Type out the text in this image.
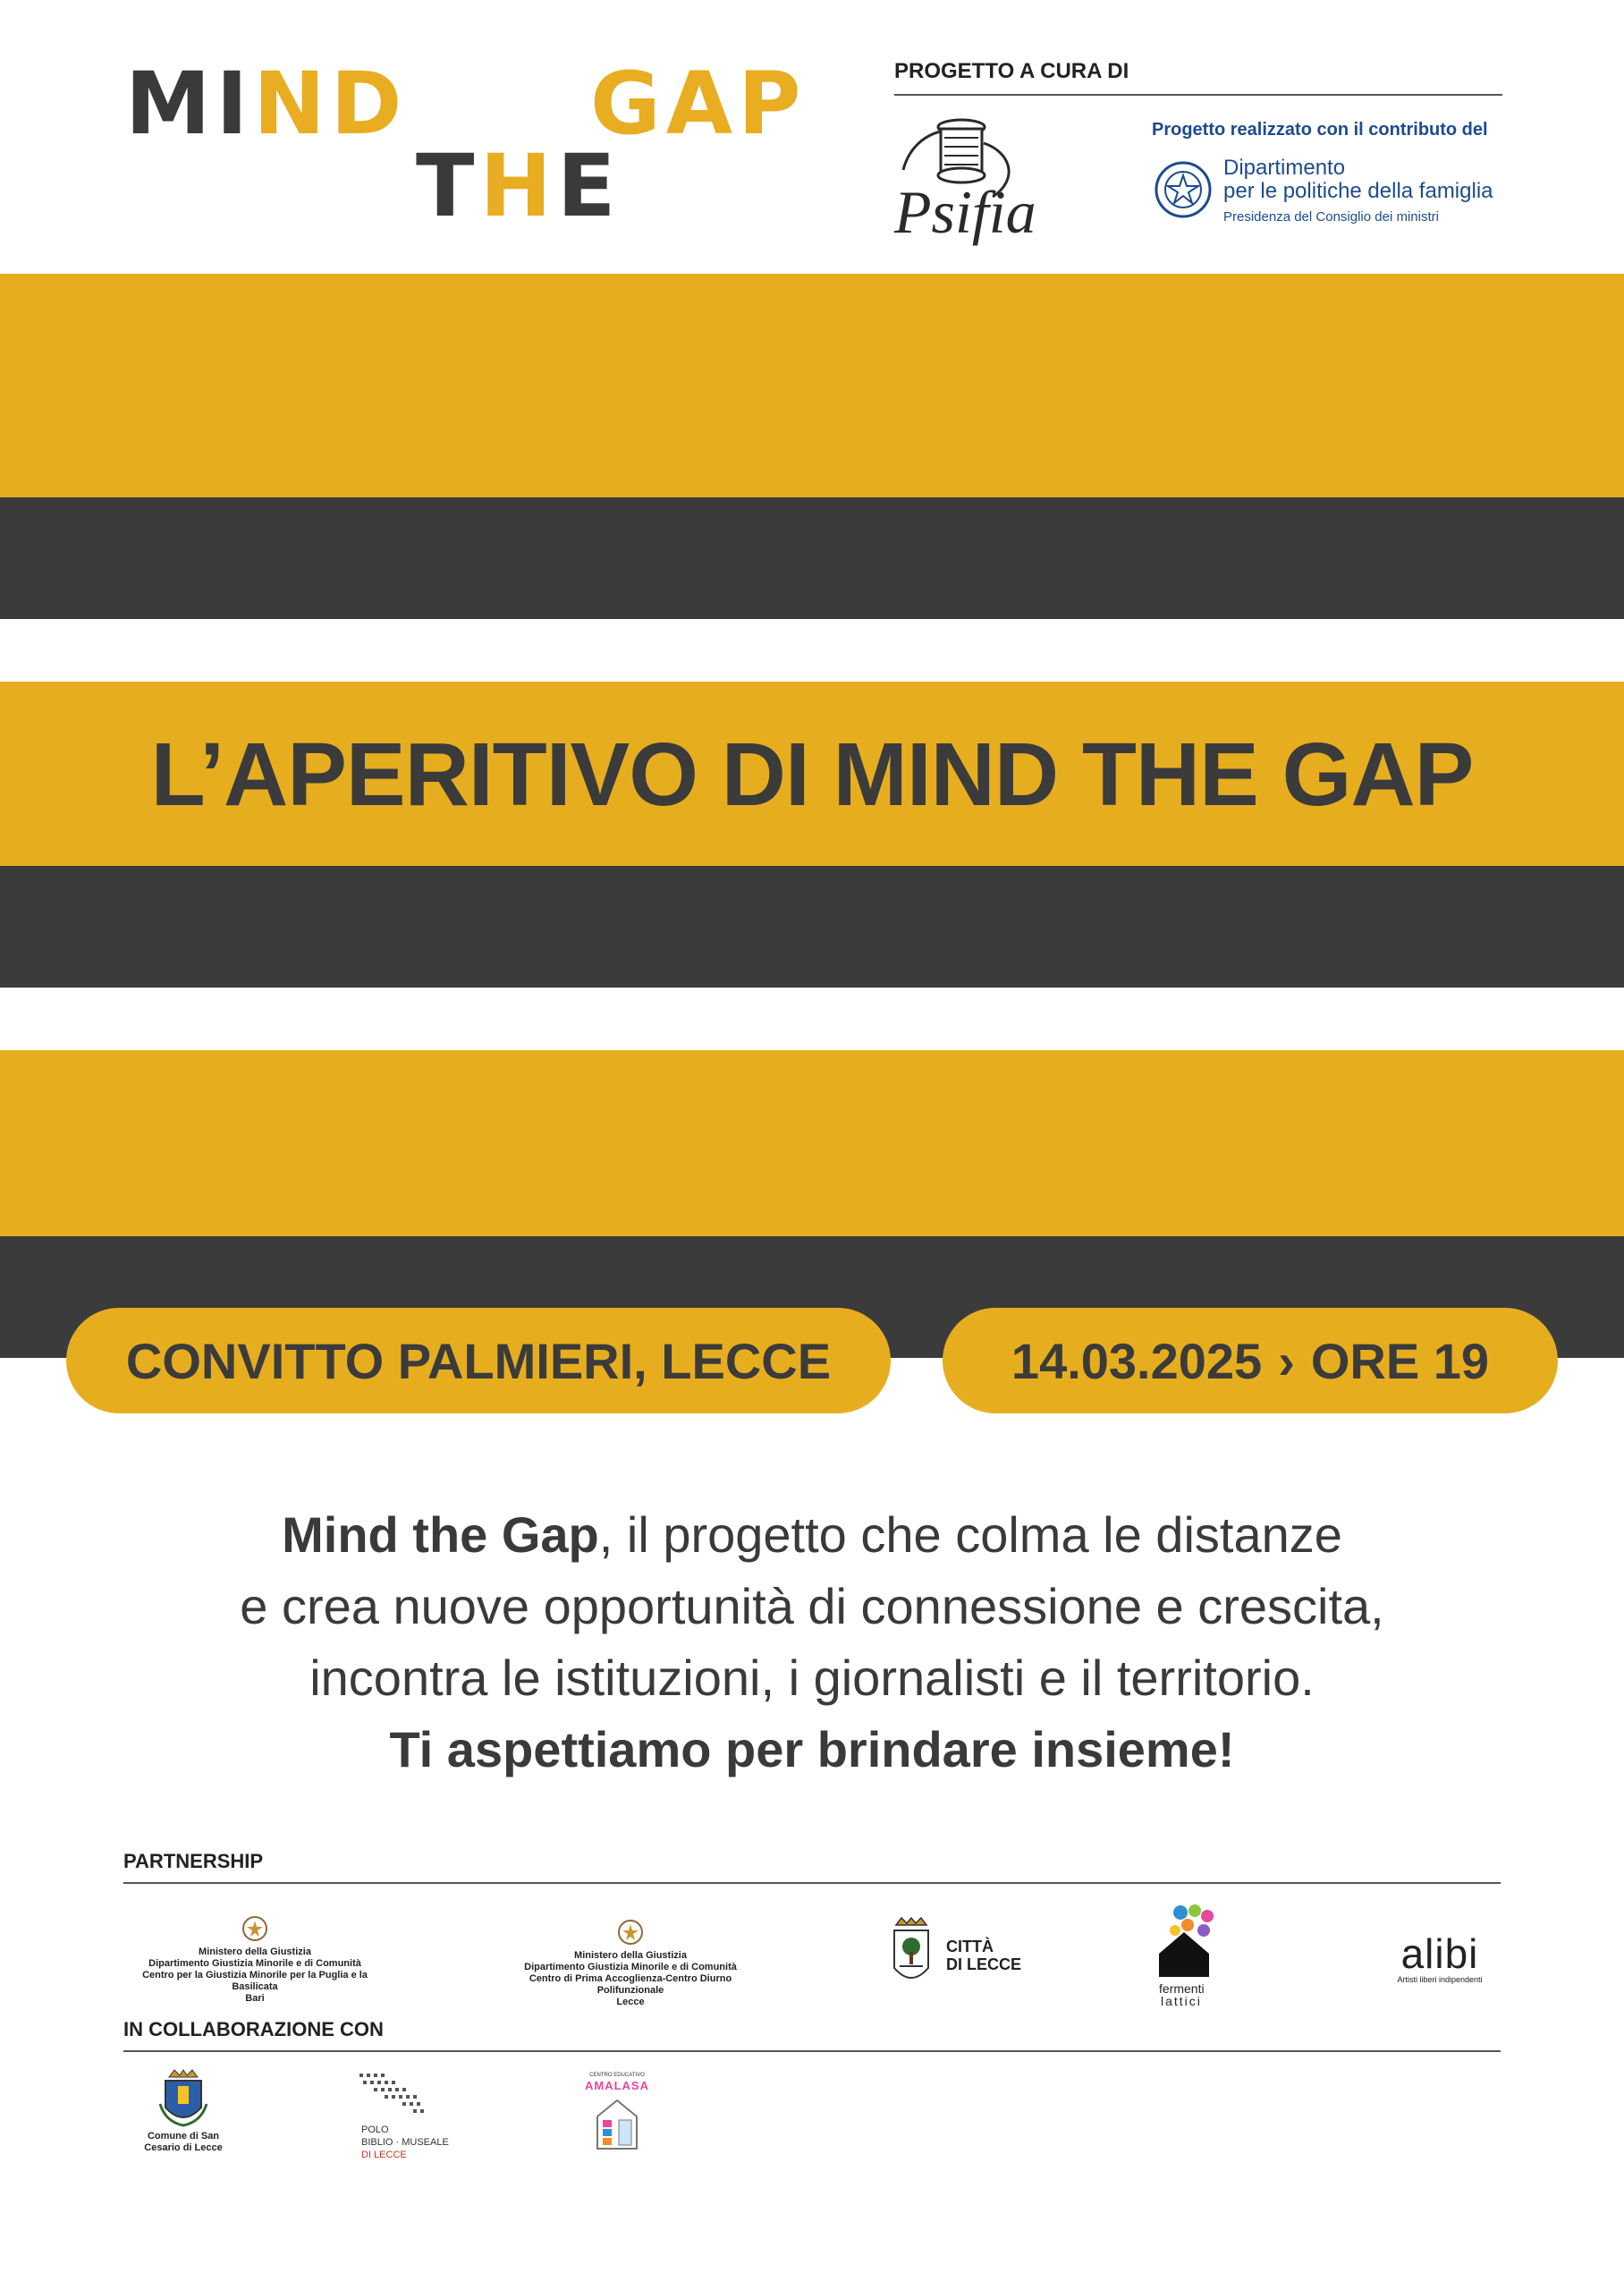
MIND GAP
THE
PROGETTO A CURA DI
Psifia
Progetto realizzato con il contributo del
Dipartimento
per le politiche della famiglia
Presidenza del Consiglio dei ministri
L’APERITIVO DI MIND THE GAP
CONVITTO PALMIERI, LECCE	14.03.2025 › ORE 19
Mind the Gap, il progetto che colma le distanze
e crea nuove opportunità di connessione e crescita,
incontra le istituzioni, i giornalisti e il territorio.
Ti aspettiamo per brindare insieme!
PARTNERSHIP
Ministero della Giustizia
Dipartimento Giustizia Minorile e di Comunità
Centro per la Giustizia Minorile per la Puglia e la Basilicata
Bari
Ministero della Giustizia
Dipartimento Giustizia Minorile e di Comunità
Centro di Prima Accoglienza-Centro Diurno Polifunzionale
Lecce
CITTÀ
DI LECCE
fermenti
lattici
alibi
Artisti liberi indipendenti
IN COLLABORAZIONE CON
Comune di San
Cesario di Lecce
POLO
BIBLIO · MUSEALE
DI LECCE
CENTRO EDUCATIVO
AMALASA
